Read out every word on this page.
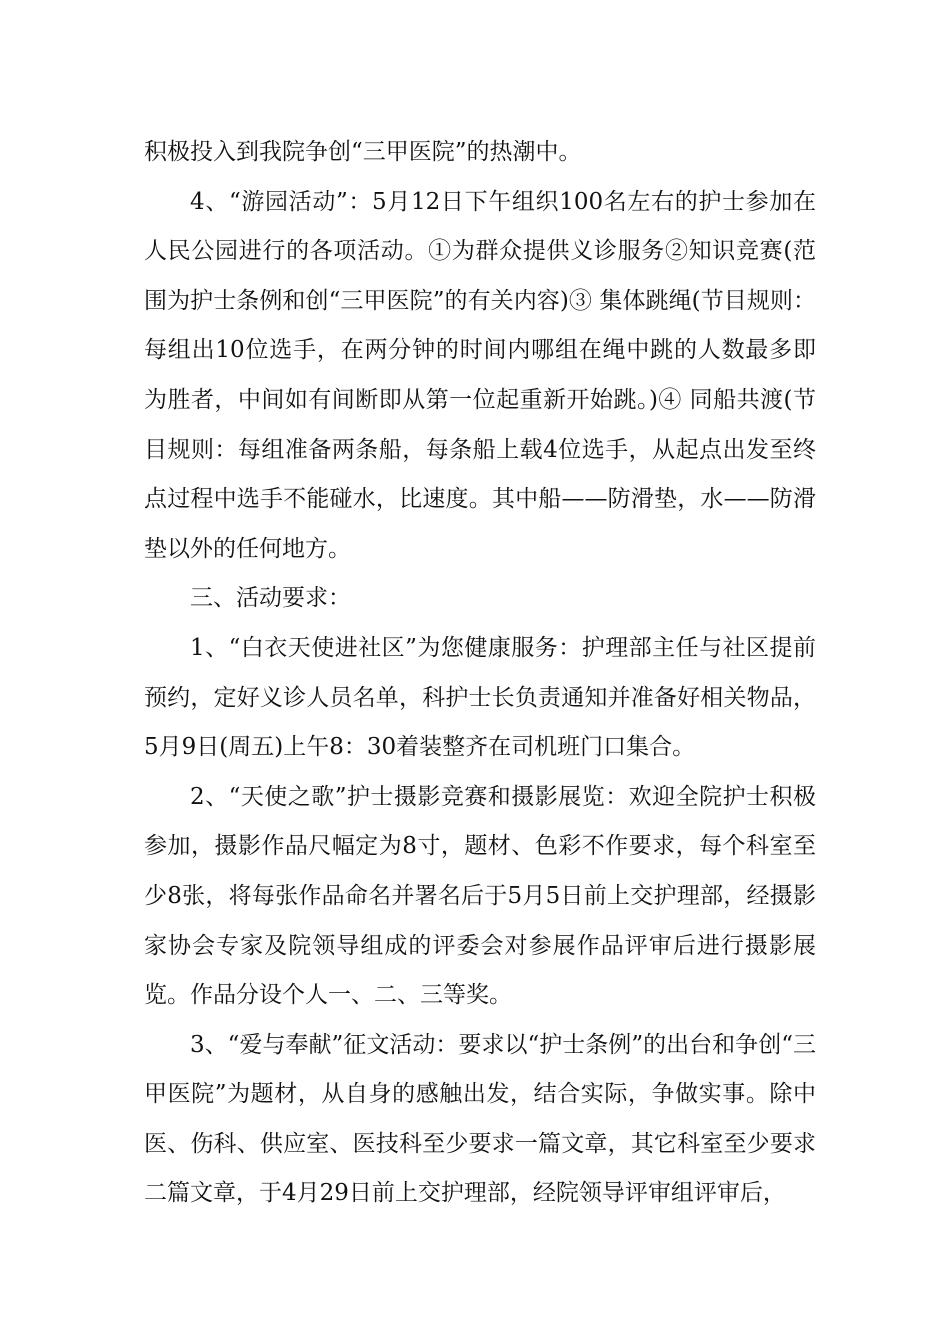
积极投入到我院争创“三甲医院”的热潮中。

4、“游园活动”：5月12日下午组织100名左右的护士参加在人民公园进行的各项活动。①为群众提供义诊服务②知识竞赛(范围为护士条例和创“三甲医院”的有关内容)③ 集体跳绳(节目规则：每组出10位选手，在两分钟的时间内哪组在绳中跳的人数最多即为胜者，中间如有间断即从第一位起重新开始跳。)④ 同船共渡(节目规则：每组准备两条船，每条船上载4位选手，从起点出发至终点过程中选手不能碰水，比速度。其中船——防滑垫，水——防滑垫以外的任何地方。

三、活动要求：

1、“白衣天使进社区”为您健康服务：护理部主任与社区提前预约，定好义诊人员名单，科护士长负责通知并准备好相关物品，5月9日(周五)上午8：30着装整齐在司机班门口集合。

2、“天使之歌”护士摄影竞赛和摄影展览：欢迎全院护士积极参加，摄影作品尺幅定为8寸，题材、色彩不作要求，每个科室至少8张，将每张作品命名并署名后于5月5日前上交护理部，经摄影家协会专家及院领导组成的评委会对参展作品评审后进行摄影展览。作品分设个人一、二、三等奖。

3、“爱与奉献”征文活动：要求以“护士条例”的出台和争创“三甲医院”为题材，从自身的感触出发，结合实际，争做实事。除中医、伤科、供应室、医技科至少要求一篇文章，其它科室至少要求二篇文章，于4月29日前上交护理部，经院领导评审组评审后，
